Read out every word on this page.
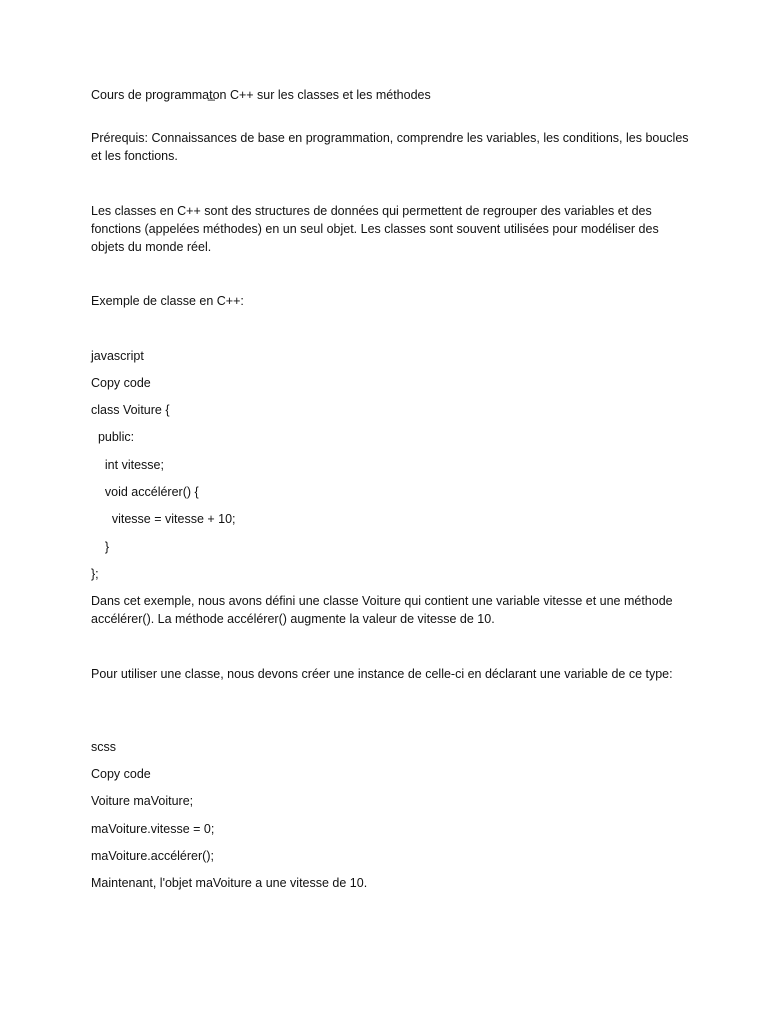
Cours de programmat̲on C++ sur les classes et les méthodes
Prérequis: Connaissances de base en programmation, comprendre les variables, les conditions, les boucles et les fonctions.
Les classes en C++ sont des structures de données qui permettent de regrouper des variables et des fonctions (appelées méthodes) en un seul objet. Les classes sont souvent utilisées pour modéliser des objets du monde réel.
Exemple de classe en C++:
javascript
Copy code
class Voiture {
public:
int vitesse;
void accélérer() {
vitesse = vitesse + 10;
}
};
Dans cet exemple, nous avons défini une classe Voiture qui contient une variable vitesse et une méthode accélérer(). La méthode accélérer() augmente la valeur de vitesse de 10.
Pour utiliser une classe, nous devons créer une instance de celle-ci en déclarant une variable de ce type:
scss
Copy code
Voiture maVoiture;
maVoiture.vitesse = 0;
maVoiture.accélérer();
Maintenant, l'objet maVoiture a une vitesse de 10.
